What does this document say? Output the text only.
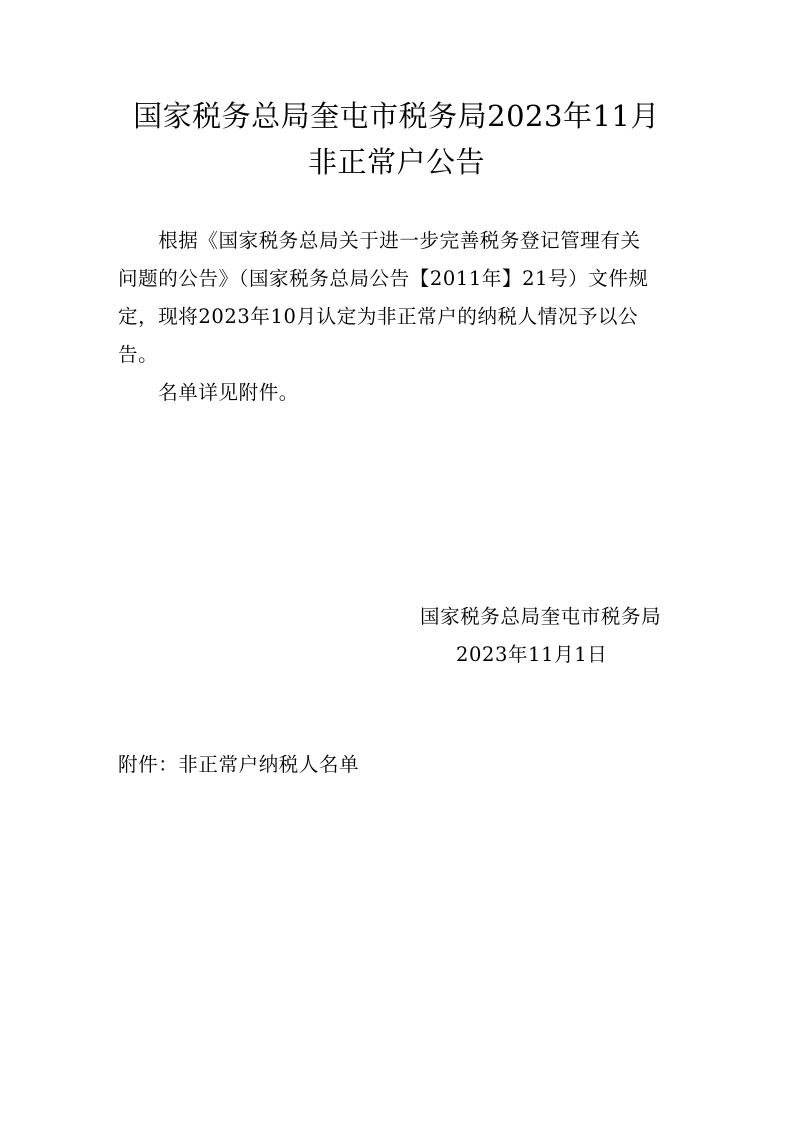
国家税务总局奎屯市税务局2023年11月
非正常户公告
　　根据《国家税务总局关于进一步完善税务登记管理有关
问题的公告》（国家税务总局公告【2011年】21号）文件规
定，现将2023年10月认定为非正常户的纳税人情况予以公
告。
　　名单详见附件。
国家税务总局奎屯市税务局
2023年11月1日
附件：非正常户纳税人名单
